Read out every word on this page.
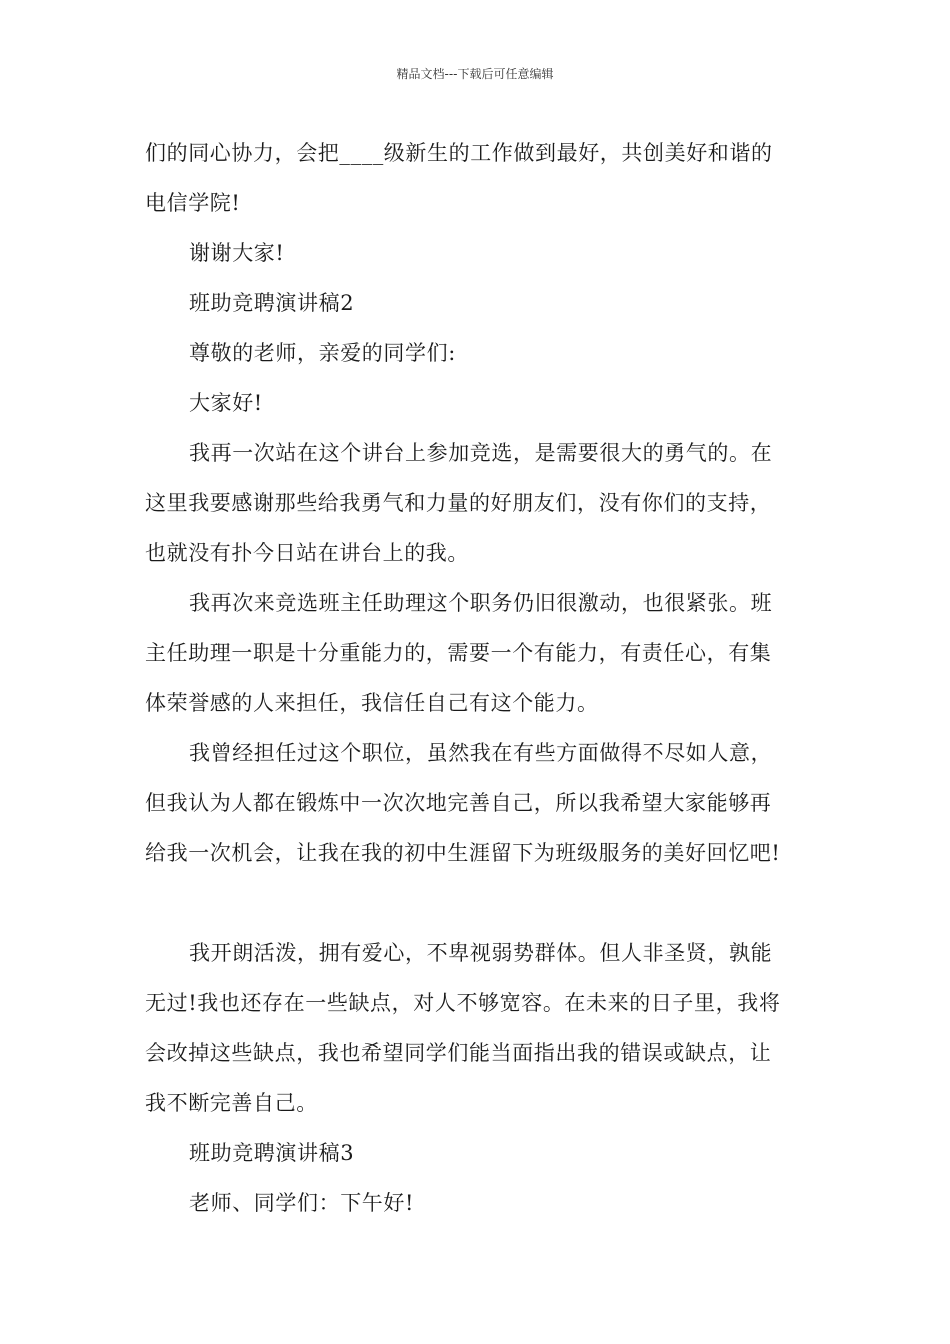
精品文档---下载后可任意编辑
们的同心协力，会把____级新生的工作做到最好，共创美好和谐的
电信学院!
谢谢大家!
班助竞聘演讲稿2
尊敬的老师，亲爱的同学们:
大家好!
我再一次站在这个讲台上参加竞选，是需要很大的勇气的。在
这里我要感谢那些给我勇气和力量的好朋友们，没有你们的支持，
也就没有扑今日站在讲台上的我。
我再次来竞选班主任助理这个职务仍旧很激动，也很紧张。班
主任助理一职是十分重能力的，需要一个有能力，有责任心，有集
体荣誉感的人来担任，我信任自己有这个能力。
我曾经担任过这个职位，虽然我在有些方面做得不尽如人意，
但我认为人都在锻炼中一次次地完善自己，所以我希望大家能够再
给我一次机会，让我在我的初中生涯留下为班级服务的美好回忆吧!
我开朗活泼，拥有爱心，不卑视弱势群体。但人非圣贤，孰能
无过!我也还存在一些缺点，对人不够宽容。在未来的日子里，我将
会改掉这些缺点，我也希望同学们能当面指出我的错误或缺点，让
我不断完善自己。
班助竞聘演讲稿3
老师、同学们：下午好!
